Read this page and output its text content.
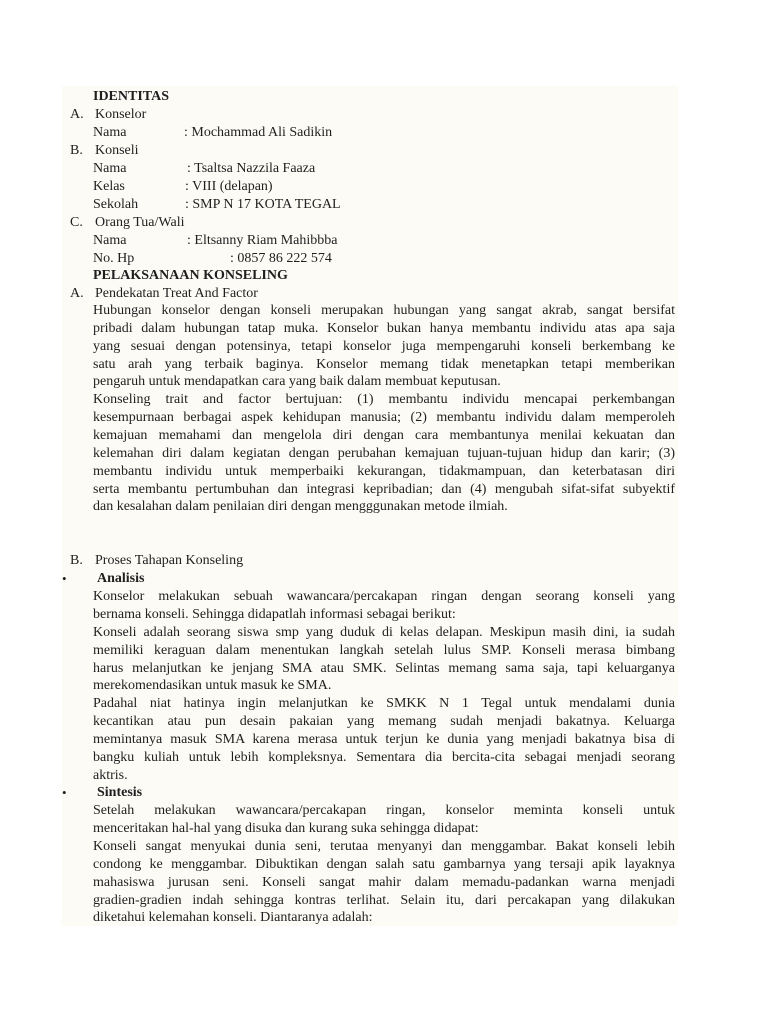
IDENTITAS
A. Konselor
Nama	: Mochammad Ali Sadikin
B. Konseli
Nama	: Tsaltsa Nazzila Faaza
Kelas	: VIII (delapan)
Sekolah	: SMP N 17 KOTA TEGAL
C. Orang Tua/Wali
Nama	: Eltsanny Riam Mahibbba
No. Hp	: 0857 86 222 574
PELAKSANAAN KONSELING
A. Pendekatan Treat And Factor
Hubungan konselor dengan konseli merupakan hubungan yang sangat akrab, sangat bersifat
pribadi dalam hubungan tatap muka. Konselor bukan hanya membantu individu atas apa saja
yang sesuai dengan potensinya, tetapi konselor juga mempengaruhi konseli berkembang ke
satu arah yang terbaik baginya. Konselor memang tidak menetapkan tetapi memberikan
pengaruh untuk mendapatkan cara yang baik dalam membuat keputusan.
Konseling trait and factor bertujuan: (1) membantu individu mencapai perkembangan
kesempurnaan berbagai aspek kehidupan manusia; (2) membantu individu dalam memperoleh
kemajuan memahami dan mengelola diri dengan cara membantunya menilai kekuatan dan
kelemahan diri dalam kegiatan dengan perubahan kemajuan tujuan-tujuan hidup dan karir; (3)
membantu individu untuk memperbaiki kekurangan, tidakmampuan, dan keterbatasan diri
serta membantu pertumbuhan dan integrasi kepribadian; dan (4) mengubah sifat-sifat subyektif
dan kesalahan dalam penilaian diri dengan mengggunakan metode ilmiah.
B. Proses Tahapan Konseling
• Analisis
Konselor melakukan sebuah wawancara/percakapan ringan dengan seorang konseli yang
bernama konseli. Sehingga didapatlah informasi sebagai berikut:
Konseli adalah seorang siswa smp yang duduk di kelas delapan. Meskipun masih dini, ia sudah
memiliki keraguan dalam menentukan langkah setelah lulus SMP. Konseli merasa bimbang
harus melanjutkan ke jenjang SMA atau SMK. Selintas memang sama saja, tapi keluarganya
merekomendasikan untuk masuk ke SMA.
Padahal niat hatinya ingin melanjutkan ke SMKK N 1 Tegal untuk mendalami dunia
kecantikan atau pun desain pakaian yang memang sudah menjadi bakatnya. Keluarga
memintanya masuk SMA karena merasa untuk terjun ke dunia yang menjadi bakatnya bisa di
bangku kuliah untuk lebih kompleksnya. Sementara dia bercita-cita sebagai menjadi seorang
aktris.
• Sintesis
Setelah melakukan wawancara/percakapan ringan, konselor meminta konseli untuk
menceritakan hal-hal yang disuka dan kurang suka sehingga didapat:
Konseli sangat menyukai dunia seni, terutaa menyanyi dan menggambar. Bakat konseli lebih
condong ke menggambar. Dibuktikan dengan salah satu gambarnya yang tersaji apik layaknya
mahasiswa jurusan seni. Konseli sangat mahir dalam memadu-padankan warna menjadi
gradien-gradien indah sehingga kontras terlihat. Selain itu, dari percakapan yang dilakukan
diketahui kelemahan konseli. Diantaranya adalah:
